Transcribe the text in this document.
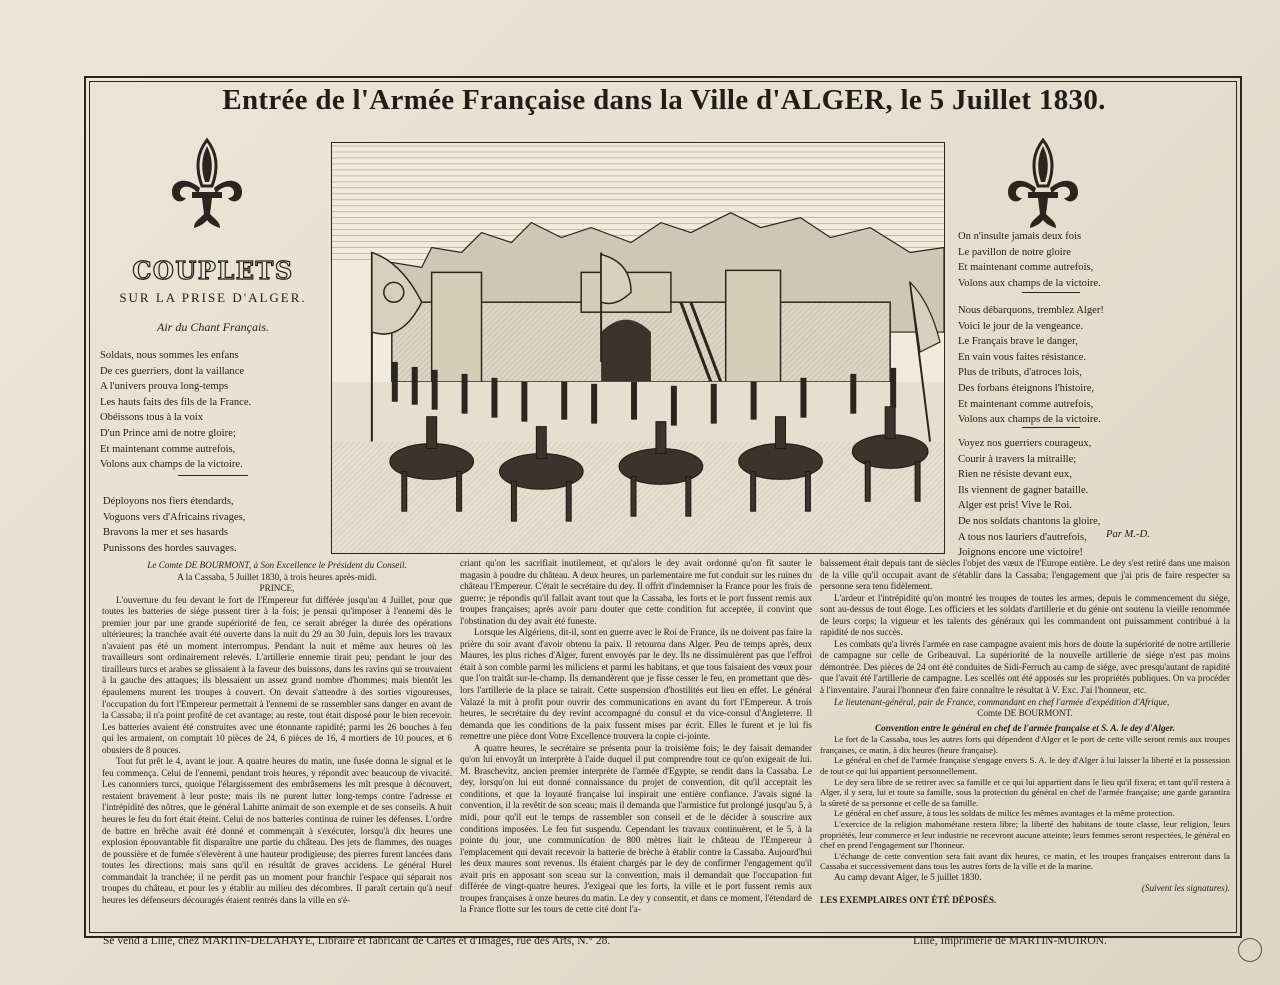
Entrée de l'Armée Française dans la Ville d'ALGER, le 5 Juillet 1830.
COUPLETS
SUR LA PRISE D'ALGER.
Air du Chant Français.
Soldats, nous sommes les enfans
De ces guerriers, dont la vaillance
A l'univers prouva long-temps
Les hauts faits des fils de la France.
Obéissons tous à la voix
D'un Prince ami de notre gloire;
Et maintenant comme autrefois,
Volons aux champs de la victoire.
Déployons nos fiers étendards,
Voguons vers d'Africains rivages,
Bravons la mer et ses hasards
Punissons des hordes sauvages.
On n'insulte jamais deux fois
Le pavillon de notre gloire
Et maintenant comme autrefois,
Volons aux champs de la victoire.
Nous débarquons, tremblez Alger!
Voici le jour de la vengeance.
Le Français brave le danger,
En vain vous faites résistance.
Plus de tributs, d'atroces lois,
Des forbans éteignons l'histoire,
Et maintenant comme autrefois,
Volons aux champs de la victoire.
Voyez nos guerriers courageux,
Courir à travers la mitraille;
Rien ne résiste devant eux,
Ils viennent de gagner bataille.
Alger est pris! Vive le Roi.
De nos soldats chantons la gloire,
A tous nos lauriers d'autrefois,
Joignons encore une victoire!
Par M.-D.

Le Comte DE BOURMONT, à Son Excellence le Président du Conseil.

A la Cassaba, 5 Juillet 1830, à trois heures après-midi.

PRINCE,

L'ouverture du feu devant le fort de l'Empereur fut différée jusqu'au 4 Juillet, pour que toutes les batteries de siége pussent tirer à la fois; je pensai qu'imposer à l'ennemi dès le premier jour par une grande supériorité de feu, ce serait abréger la durée des opérations ultérieures; la tranchée avait été ouverte dans la nuit du 29 au 30 Juin, depuis lors les travaux n'avaient pas été un moment interrompus. Pendant la nuit et même aux heures où les travailleurs sont ordinairement relevés. L'artillerie ennemie tirait peu; pendant le jour des tirailleurs turcs et arabes se glissaient à la faveur des buissons, dans les ravins qui se trouvaient à la gauche des attaques; ils blessaient un assez grand nombre d'hommes; mais bientôt les épaulemens murent les troupes à couvert. On devait s'attendre à des sorties vigoureuses, l'occupation du fort l'Empereur permettait à l'ennemi de se rassembler sans danger en avant de la Cassaba; il n'a point profité de cet avantage; au reste, tout était disposé pour le bien recevoir. Les batteries avaient été construites avec une étonnante rapidité; parmi les 26 bouches à feu qui les armaient, on comptait 10 pièces de 24, 6 pièces de 16, 4 mortiers de 10 pouces, et 6 obusiers de 8 pouces.

Tout fut prêt le 4, avant le jour. A quatre heures du matin, une fusée donna le signal et le feu commença. Celui de l'ennemi, pendant trois heures, y répondit avec beaucoup de vivacité. Les canonniers turcs, quoique l'élargissement des embrâsemens les mît presque à découvert, restaient bravement à leur poste; mais ils ne purent lutter long-temps contre l'adresse et l'intrépidité des nôtres, que le général Lahitte animait de son exemple et de ses conseils. A huit heures le feu du fort était éteint. Celui de nos batteries continua de ruiner les défenses. L'ordre de battre en brêche avait été donné et commençait à s'exécuter, lorsqu'à dix heures une explosion épouvantable fit disparaître une partie du château. Des jets de flammes, des nuages de poussière et de fumée s'élevèrent à une hauteur prodigieuse; des pierres furent lancées dans toutes les directions; mais sans qu'il en résultât de graves accidens. Le général Hurel commandait la tranchée; il ne perdit pas un moment pour franchir l'espace qui séparait nos troupes du château, et pour les y établir au milieu des décombres. Il paraît certain qu'à neuf heures les défenseurs découragés étaient rentrés dans la ville en s'é-

criant qu'on les sacrifiait inutilement, et qu'alors le dey avait ordonné qu'on fît sauter le magasin à poudre du château. A deux heures, un parlementaire me fut conduit sur les ruines du château l'Empereur. C'était le secrétaire du dey. Il offrit d'indemniser la France pour les frais de guerre; je répondis qu'il fallait avant tout que la Cassaba, les forts et le port fussent remis aux troupes françaises; après avoir paru douter que cette condition fut acceptée, il convint que l'obstination du dey avait été funeste.

Lorsque les Algériens, dit-il, sont en guerre avec le Roi de France, ils ne doivent pas faire la prière du soir avant d'avoir obtenu la paix. Il retourna dans Alger. Peu de temps après, deux Maures, les plus riches d'Alger, furent envoyés par le dey. Ils ne dissimulèrent pas que l'effroi était à son comble parmi les miliciens et parmi les habitans, et que tous faisaient des vœux pour que l'on traitât sur-le-champ. Ils demandèrent que je fisse cesser le feu, en promettant que dès-lors l'artillerie de la place se tairait. Cette suspension d'hostilités eut lieu en effet. Le général Valazé la mit à profit pour ouvrir des communications en avant du fort l'Empereur. A trois heures, le secrétaire du dey revint accompagné du consul et du vice-consul d'Angleterre. Il demanda que les conditions de la paix fussent mises par écrit. Elles le furent et je lui fis remettre une pièce dont Votre Excellence trouvera la copie ci-jointe.

A quatre heures, le secrétaire se présenta pour la troisième fois; le dey faisait demander qu'on lui envoyât un interprète à l'aide duquel il put comprendre tout ce qu'on exigeait de lui. M. Braschevitz, ancien premier interprète de l'armée d'Egypte, se rendit dans la Cassaba. Le dey, lorsqu'on lui eut donné connaissance du projet de convention, dit qu'il acceptait les conditions, et que la loyauté française lui inspirait une entière confiance. J'avais signé la convention, il la revêtit de son sceau; mais il demanda que l'armistice fut prolongé jusqu'au 5, à midi, pour qu'il eut le temps de rassembler son conseil et de le décider à souscrire aux conditions imposées. Le feu fut suspendu. Cependant les travaux continuèrent, et le 5, à la pointe du jour, une communication de 800 mètres liait le château de l'Empereur à l'emplacement qui devait recevoir la batterie de brèche à établir contre la Cassaba. Aujourd'hui les deux maures sont revenus. Ils étaient chargés par le dey de confirmer l'engagement qu'il avait pris en apposant son sceau sur la convention, mais il demandait que l'occupation fut différée de vingt-quatre heures. J'exigeai que les forts, la ville et le port fussent remis aux troupes françaises à onze heures du matin. Le dey y consentit, et dans ce moment, l'étendard de la France flotte sur les tours de cette cité dont l'a-

baissement était depuis tant de siècles l'objet des vœux de l'Europe entière. Le dey s'est retiré dans une maison de la ville qu'il occupait avant de s'établir dans la Cassaba; l'engagement que j'ai pris de faire respecter sa personne sera tenu fidèlement.

L'ardeur et l'intrépidité qu'on montré les troupes de toutes les armes, depuis le commencement du siége, sont au-dessus de tout éloge. Les officiers et les soldats d'artillerie et du génie ont soutenu la vieille renommée de leurs corps; la vigueur et les talents des généraux qui les commandent ont puissamment contribué à la rapidité de nos succès.

Les combats qu'a livrés l'armée en rase campagne avaient mis hors de doute la supériorité de notre artillerie de campagne sur celle de Gribeauval. La supériorité de la nouvelle artillerie de siége n'est pas moins démontrée. Des pièces de 24 ont été conduites de Sidi-Ferruch au camp de siége, avec presqu'autant de rapidité que l'avait été l'artillerie de campagne. Les scellés ont été apposés sur les propriétés publiques. On va procéder à l'inventaire. J'aurai l'honneur d'en faire connaître le résultat à V. Exc. J'ai l'honneur, etc.

Le lieutenant-général, pair de France, commandant en chef l'armée d'expédition d'Afrique,

Comte DE BOURMONT.

Convention entre le général en chef de l'armée française et S. A. le dey d'Alger.

Le fort de la Cassaba, tous les autres forts qui dépendent d'Alger et le port de cette ville seront remis aux troupes françaises, ce matin, à dix heures (heure française).

Le général en chef de l'armée française s'engage envers S. A. le dey d'Alger à lui laisser la liberté et la possession de tout ce qui lui appartient personnellement.

Le dey sera libre de se retirer avec sa famille et ce qui lui appartient dans le lieu qu'il fixera; et tant qu'il restera à Alger, il y sera, lui et toute sa famille, sous la protection du général en chef de l'armée française; une garde garantira la sûreté de sa personne et celle de sa famille.

Le général en chef assure, à tous les soldats de milice les mêmes avantages et la même protection.

L'exercice de la religion mahométane restera libre; la liberté des habitans de toute classe, leur religion, leurs propriétés, leur commerce et leur industrie ne recevront aucune atteinte; leurs femmes seront respectées, le général en chef en prend l'engagement sur l'honneur.

L'échange de cette convention sera fait avant dix heures, ce matin, et les troupes françaises entreront dans la Cassaba et successivement dans tous les autres forts de la ville et de la marine.

Au camp devant Alger, le 5 juillet 1830.

(Suivent les signatures).

LES EXEMPLAIRES ONT ÉTÉ DÉPOSÉS.

Se vend à Lille, chez MARTIN-DELAHAYE, Libraire et fabricant de Cartes et d'Images, rue des Arts, N.° 28.	Lille, Imprimerie de MARTIN-MUIRON.
